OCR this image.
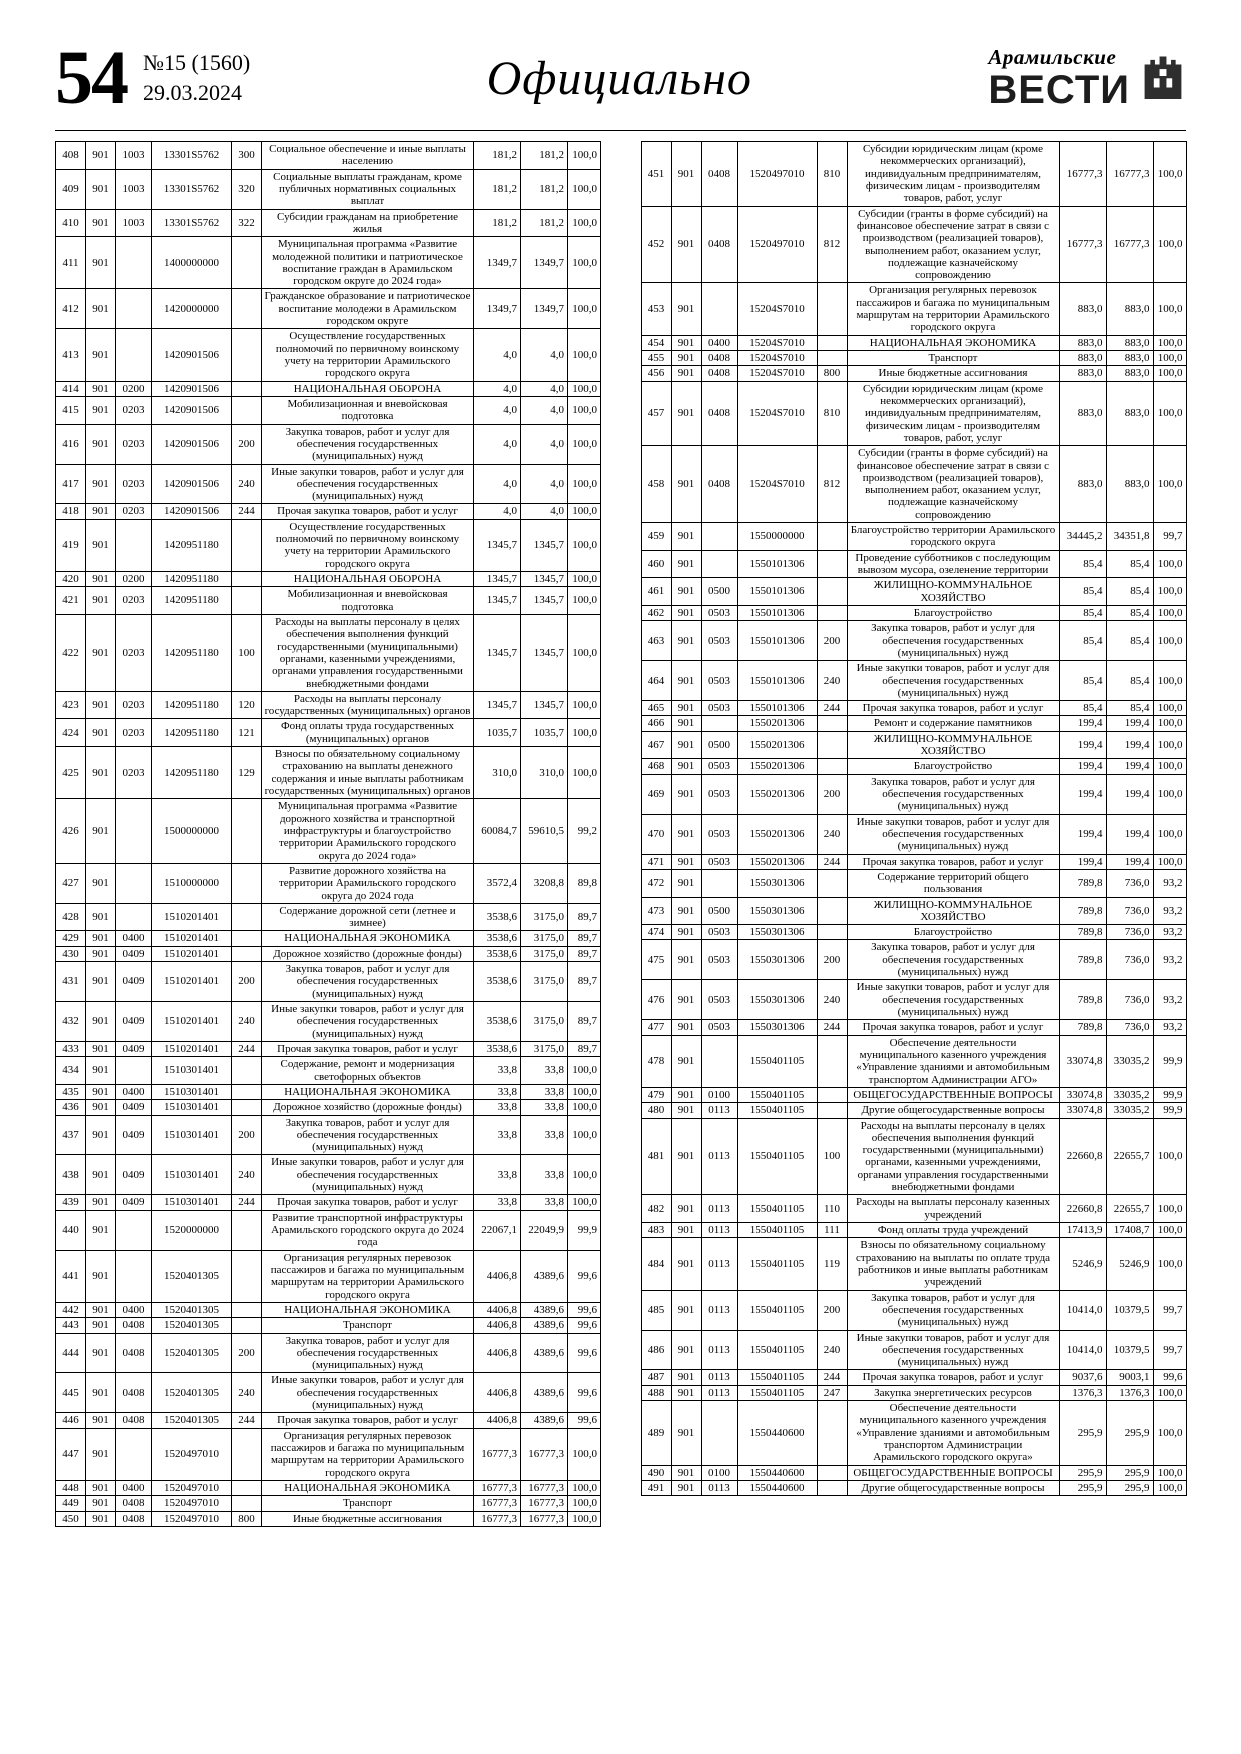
54 №15 (1560)
29.03.2024	Официально	Арамильские
ВЕСТИ
408	901	1003	13301S5762	300	Социальное обеспечение и иные выплаты населению	181,2	181,2	100,0
409	901	1003	13301S5762	320	Социальные выплаты гражданам, кроме публичных нормативных социальных выплат	181,2	181,2	100,0
410	901	1003	13301S5762	322	Субсидии гражданам на приобретение жилья	181,2	181,2	100,0
411	901		1400000000		Муниципальная программа «Развитие молодежной политики и патриотическое воспитание граждан в Арамильском городском округе до 2024 года»	1349,7	1349,7	100,0
412	901		1420000000		Гражданское образование и патриотическое воспитание молодежи в Арамильском городском округе	1349,7	1349,7	100,0
413	901		1420901506		Осуществление государственных полномочий по первичному воинскому учету на территории Арамильского городского округа	4,0	4,0	100,0
414	901	0200	1420901506		НАЦИОНАЛЬНАЯ ОБОРОНА	4,0	4,0	100,0
415	901	0203	1420901506		Мобилизационная и вневойсковая подготовка	4,0	4,0	100,0
416	901	0203	1420901506	200	Закупка товаров, работ и услуг для обеспечения государственных (муниципальных) нужд	4,0	4,0	100,0
417	901	0203	1420901506	240	Иные закупки товаров, работ и услуг для обеспечения государственных (муниципальных) нужд	4,0	4,0	100,0
418	901	0203	1420901506	244	Прочая закупка товаров, работ и услуг	4,0	4,0	100,0
419	901		1420951180		Осуществление государственных полномочий по первичному воинскому учету на территории Арамильского городского округа	1345,7	1345,7	100,0
420	901	0200	1420951180		НАЦИОНАЛЬНАЯ ОБОРОНА	1345,7	1345,7	100,0
421	901	0203	1420951180		Мобилизационная и вневойсковая подготовка	1345,7	1345,7	100,0
422	901	0203	1420951180	100	Расходы на выплаты персоналу в целях обеспечения выполнения функций государственными (муниципальными) органами, казенными учреждениями, органами управления государственными внебюджетными фондами	1345,7	1345,7	100,0
423	901	0203	1420951180	120	Расходы на выплаты персоналу государственных (муниципальных) органов	1345,7	1345,7	100,0
424	901	0203	1420951180	121	Фонд оплаты труда государственных (муниципальных) органов	1035,7	1035,7	100,0
425	901	0203	1420951180	129	Взносы по обязательному социальному страхованию на выплаты денежного содержания и иные выплаты работникам государственных (муниципальных) органов	310,0	310,0	100,0
426	901		1500000000		Муниципальная программа «Развитие дорожного хозяйства и транспортной инфраструктуры и благоустройство территории Арамильского городского округа до 2024 года»	60084,7	59610,5	99,2
427	901		1510000000		Развитие дорожного хозяйства на территории Арамильского городского округа до 2024 года	3572,4	3208,8	89,8
428	901		1510201401		Содержание дорожной сети (летнее и зимнее)	3538,6	3175,0	89,7
429	901	0400	1510201401		НАЦИОНАЛЬНАЯ ЭКОНОМИКА	3538,6	3175,0	89,7
430	901	0409	1510201401		Дорожное хозяйство (дорожные фонды)	3538,6	3175,0	89,7
431	901	0409	1510201401	200	Закупка товаров, работ и услуг для обеспечения государственных (муниципальных) нужд	3538,6	3175,0	89,7
432	901	0409	1510201401	240	Иные закупки товаров, работ и услуг для обеспечения государственных (муниципальных) нужд	3538,6	3175,0	89,7
433	901	0409	1510201401	244	Прочая закупка товаров, работ и услуг	3538,6	3175,0	89,7
434	901		1510301401		Содержание, ремонт и модернизация светофорных объектов	33,8	33,8	100,0
435	901	0400	1510301401		НАЦИОНАЛЬНАЯ ЭКОНОМИКА	33,8	33,8	100,0
436	901	0409	1510301401		Дорожное хозяйство (дорожные фонды)	33,8	33,8	100,0
437	901	0409	1510301401	200	Закупка товаров, работ и услуг для обеспечения государственных (муниципальных) нужд	33,8	33,8	100,0
438	901	0409	1510301401	240	Иные закупки товаров, работ и услуг для обеспечения государственных (муниципальных) нужд	33,8	33,8	100,0
439	901	0409	1510301401	244	Прочая закупка товаров, работ и услуг	33,8	33,8	100,0
440	901		1520000000		Развитие транспортной инфраструктуры Арамильского городского округа до 2024 года	22067,1	22049,9	99,9
441	901		1520401305		Организация регулярных перевозок пассажиров и багажа по муниципальным маршрутам на территории Арамильского городского округа	4406,8	4389,6	99,6
442	901	0400	1520401305		НАЦИОНАЛЬНАЯ ЭКОНОМИКА	4406,8	4389,6	99,6
443	901	0408	1520401305		Транспорт	4406,8	4389,6	99,6
444	901	0408	1520401305	200	Закупка товаров, работ и услуг для обеспечения государственных (муниципальных) нужд	4406,8	4389,6	99,6
445	901	0408	1520401305	240	Иные закупки товаров, работ и услуг для обеспечения государственных (муниципальных) нужд	4406,8	4389,6	99,6
446	901	0408	1520401305	244	Прочая закупка товаров, работ и услуг	4406,8	4389,6	99,6
447	901		1520497010		Организация регулярных перевозок пассажиров и багажа по муниципальным маршрутам на территории Арамильского городского округа	16777,3	16777,3	100,0
448	901	0400	1520497010		НАЦИОНАЛЬНАЯ ЭКОНОМИКА	16777,3	16777,3	100,0
449	901	0408	1520497010		Транспорт	16777,3	16777,3	100,0
450	901	0408	1520497010	800	Иные бюджетные ассигнования	16777,3	16777,3	100,0
451	901	0408	1520497010	810	Субсидии юридическим лицам (кроме некоммерческих организаций), индивидуальным предпринимателям, физическим лицам - производителям товаров, работ, услуг	16777,3	16777,3	100,0
452	901	0408	1520497010	812	Субсидии (гранты в форме субсидий) на финансовое обеспечение затрат в связи с производством (реализацией товаров), выполнением работ, оказанием услуг, подлежащие казначейскому сопровождению	16777,3	16777,3	100,0
453	901		15204S7010		Организация регулярных перевозок пассажиров и багажа по муниципальным маршрутам на территории Арамильского городского округа	883,0	883,0	100,0
454	901	0400	15204S7010		НАЦИОНАЛЬНАЯ ЭКОНОМИКА	883,0	883,0	100,0
455	901	0408	15204S7010		Транспорт	883,0	883,0	100,0
456	901	0408	15204S7010	800	Иные бюджетные ассигнования	883,0	883,0	100,0
457	901	0408	15204S7010	810	Субсидии юридическим лицам (кроме некоммерческих организаций), индивидуальным предпринимателям, физическим лицам - производителям товаров, работ, услуг	883,0	883,0	100,0
458	901	0408	15204S7010	812	Субсидии (гранты в форме субсидий) на финансовое обеспечение затрат в связи с производством (реализацией товаров), выполнением работ, оказанием услуг, подлежащие казначейскому сопровождению	883,0	883,0	100,0
459	901		1550000000		Благоустройство территории Арамильского городского округа	34445,2	34351,8	99,7
460	901		1550101306		Проведение субботников с последующим вывозом мусора, озеленение территории	85,4	85,4	100,0
461	901	0500	1550101306		ЖИЛИЩНО-КОММУНАЛЬНОЕ ХОЗЯЙСТВО	85,4	85,4	100,0
462	901	0503	1550101306		Благоустройство	85,4	85,4	100,0
463	901	0503	1550101306	200	Закупка товаров, работ и услуг для обеспечения государственных (муниципальных) нужд	85,4	85,4	100,0
464	901	0503	1550101306	240	Иные закупки товаров, работ и услуг для обеспечения государственных (муниципальных) нужд	85,4	85,4	100,0
465	901	0503	1550101306	244	Прочая закупка товаров, работ и услуг	85,4	85,4	100,0
466	901		1550201306		Ремонт и содержание памятников	199,4	199,4	100,0
467	901	0500	1550201306		ЖИЛИЩНО-КОММУНАЛЬНОЕ ХОЗЯЙСТВО	199,4	199,4	100,0
468	901	0503	1550201306		Благоустройство	199,4	199,4	100,0
469	901	0503	1550201306	200	Закупка товаров, работ и услуг для обеспечения государственных (муниципальных) нужд	199,4	199,4	100,0
470	901	0503	1550201306	240	Иные закупки товаров, работ и услуг для обеспечения государственных (муниципальных) нужд	199,4	199,4	100,0
471	901	0503	1550201306	244	Прочая закупка товаров, работ и услуг	199,4	199,4	100,0
472	901		1550301306		Содержание территорий общего пользования	789,8	736,0	93,2
473	901	0500	1550301306		ЖИЛИЩНО-КОММУНАЛЬНОЕ ХОЗЯЙСТВО	789,8	736,0	93,2
474	901	0503	1550301306		Благоустройство	789,8	736,0	93,2
475	901	0503	1550301306	200	Закупка товаров, работ и услуг для обеспечения государственных (муниципальных) нужд	789,8	736,0	93,2
476	901	0503	1550301306	240	Иные закупки товаров, работ и услуг для обеспечения государственных (муниципальных) нужд	789,8	736,0	93,2
477	901	0503	1550301306	244	Прочая закупка товаров, работ и услуг	789,8	736,0	93,2
478	901		1550401105		Обеспечение деятельности муниципального казенного учреждения «Управление зданиями и автомобильным транспортом Администрации АГО»	33074,8	33035,2	99,9
479	901	0100	1550401105		ОБЩЕГОСУДАРСТВЕННЫЕ ВОПРОСЫ	33074,8	33035,2	99,9
480	901	0113	1550401105		Другие общегосударственные вопросы	33074,8	33035,2	99,9
481	901	0113	1550401105	100	Расходы на выплаты персоналу в целях обеспечения выполнения функций государственными (муниципальными) органами, казенными учреждениями, органами управления государственными внебюджетными фондами	22660,8	22655,7	100,0
482	901	0113	1550401105	110	Расходы на выплаты персоналу казенных учреждений	22660,8	22655,7	100,0
483	901	0113	1550401105	111	Фонд оплаты труда учреждений	17413,9	17408,7	100,0
484	901	0113	1550401105	119	Взносы по обязательному социальному страхованию на выплаты по оплате труда работников и иные выплаты работникам учреждений	5246,9	5246,9	100,0
485	901	0113	1550401105	200	Закупка товаров, работ и услуг для обеспечения государственных (муниципальных) нужд	10414,0	10379,5	99,7
486	901	0113	1550401105	240	Иные закупки товаров, работ и услуг для обеспечения государственных (муниципальных) нужд	10414,0	10379,5	99,7
487	901	0113	1550401105	244	Прочая закупка товаров, работ и услуг	9037,6	9003,1	99,6
488	901	0113	1550401105	247	Закупка энергетических ресурсов	1376,3	1376,3	100,0
489	901		1550440600		Обеспечение деятельности муниципального казенного учреждения «Управление зданиями и автомобильным транспортом Администрации Арамильского городского округа»	295,9	295,9	100,0
490	901	0100	1550440600		ОБЩЕГОСУДАРСТВЕННЫЕ ВОПРОСЫ	295,9	295,9	100,0
491	901	0113	1550440600		Другие общегосударственные вопросы	295,9	295,9	100,0
